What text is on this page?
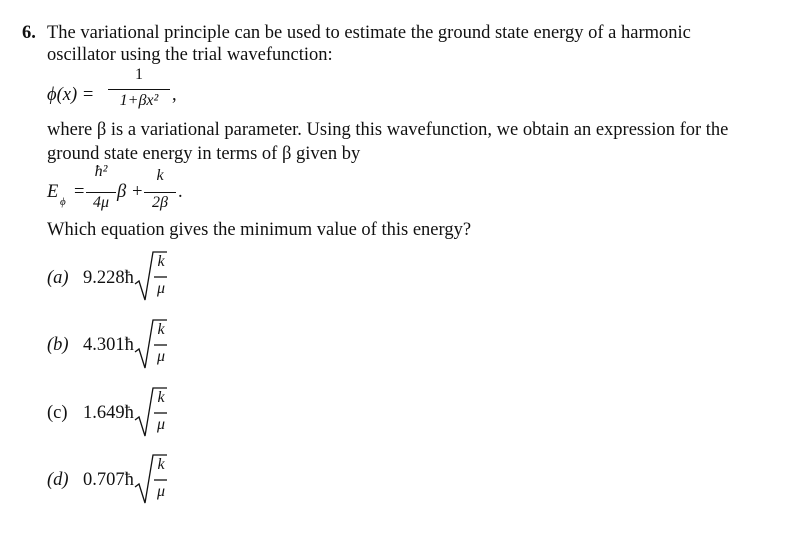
6. The variational principle can be used to estimate the ground state energy of a harmonic
oscillator using the trial wavefunction:
ϕ(x) =
1
1+βx² ,
where β is a variational parameter. Using this wavefunction, we obtain an expression for the
ground state energy in terms of β given by
E ϕ =
ħ²
4μ
β +
k
2β
.
Which equation gives the minimum value of this energy?
(a) 9.228ħ
k
μ
(b) 4.301ħ
k
μ
(c) 1.649ħ
k
μ
(d) 0.707ħ
k
μ
